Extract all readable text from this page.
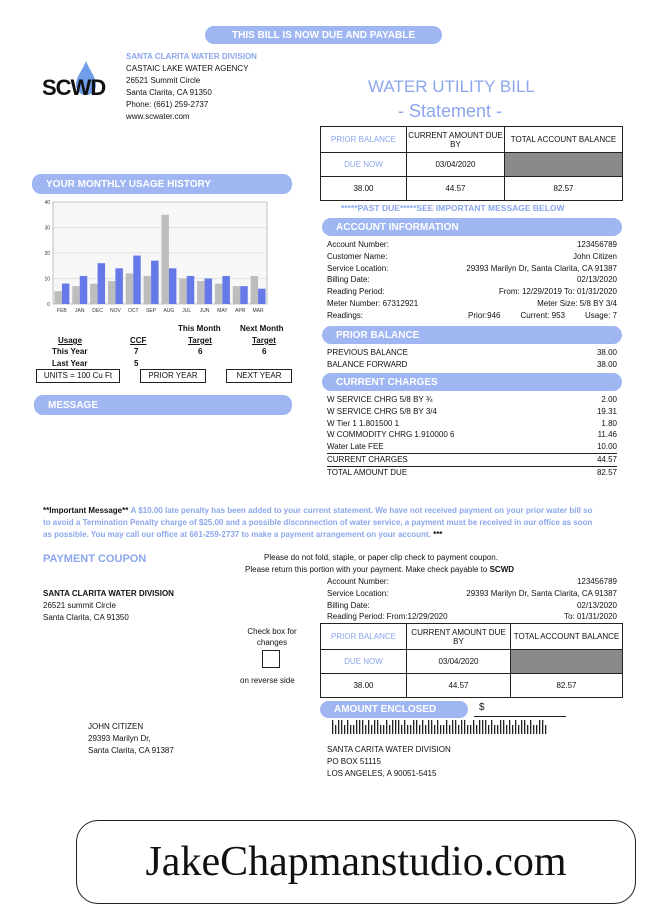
THIS BILL IS NOW DUE AND PAYABLE
SCWD
SANTA CLARITA WATER DIVISION
CASTAIC LAKE WATER AGENCY
26521 Summit Circle
Santa Clarita, CA 91350
Phone: (661) 259-2737
www.scwater.com
WATER UTILITY BILL
- Statement -
PRIOR BALANCE	CURRENT AMOUNT DUE BY	TOTAL ACCOUNT BALANCE
DUE NOW	03/04/2020	
38.00	44.57	82.57
YOUR MONTHLY USAGE HISTORY
0
10
20
30
40
FEB JAN DEC NOV OCT SEP AUG JUL JUN MAY APR MAR
This Month Next Month
Usage	CCF	Target	Target
This Year	7	6	6
Last Year	5
UNITS = 100 Cu Ft	PRIOR YEAR	NEXT YEAR
MESSAGE
*****PAST DUE*****SEE IMPORTANT MESSAGE BELOW
ACCOUNT INFORMATION
Account Number:	123456789
Customer Name:	John Citizen
Service Location:	29393 Marilyn Dr, Santa Clarita, CA 91387
Billing Date:	02/13/2020
Reading Period:	From: 12/29/2019 To: 01/31/2020
Meter Number: 67312921	Meter Size: 5/8 BY 3/4
Readings:	Prior:946	Current: 953	Usage: 7
PRIOR BALANCE
PREVIOUS BALANCE	38.00
BALANCE FORWARD	38.00
CURRENT CHARGES
W SERVICE CHRG 5/8 BY ¾	2.00
W SERVICE CHRG 5/8 BY 3/4	19.31
W Tier 1 1.801500 1	1.80
W COMMODITY CHRG 1.910000 6	11.46
Water Late FEE	10.00
CURRENT CHARGES	44.57
TOTAL AMOUNT DUE	82.57
**Important Message** A $10.00 late penalty has been added to your current statement. We have not received payment on your prior water bill so to avoid a Termination Penalty charge of $25.00 and a possible disconnection of water service, a payment must be received in our office as soon as possible. You may call our office at 661-259-2737 to make a payment arrangement on your account. ***
PAYMENT COUPON	Please do not fold, staple, or paper clip check to payment coupon.
Please return this portion with your payment. Make check payable to SCWD
SANTA CLARITA WATER DIVISION
26521 summit Circle
Santa Clarita, CA 91350
Account Number:	123456789
Service Location:	29393 Marilyn Dr, Santa Clarita, CA 91387
Billing Date:	02/13/2020
Reading Period: From:12/29/2020	To: 01/31/2020
Check box for changes
on reverse side
PRIOR BALANCE	CURRENT AMOUNT DUE BY	TOTAL ACCOUNT BALANCE
DUE NOW	03/04/2020	
38.00	44.57	82.57
AMOUNT ENCLOSED	$
JOHN CITIZEN
29393 Marilyn Dr,
Santa Clarita, CA 91387	SANTA CARITA WATER DIVISION
PO BOX 51115
LOS ANGELES, A 90051-5415
JakeChapmanstudio.com
